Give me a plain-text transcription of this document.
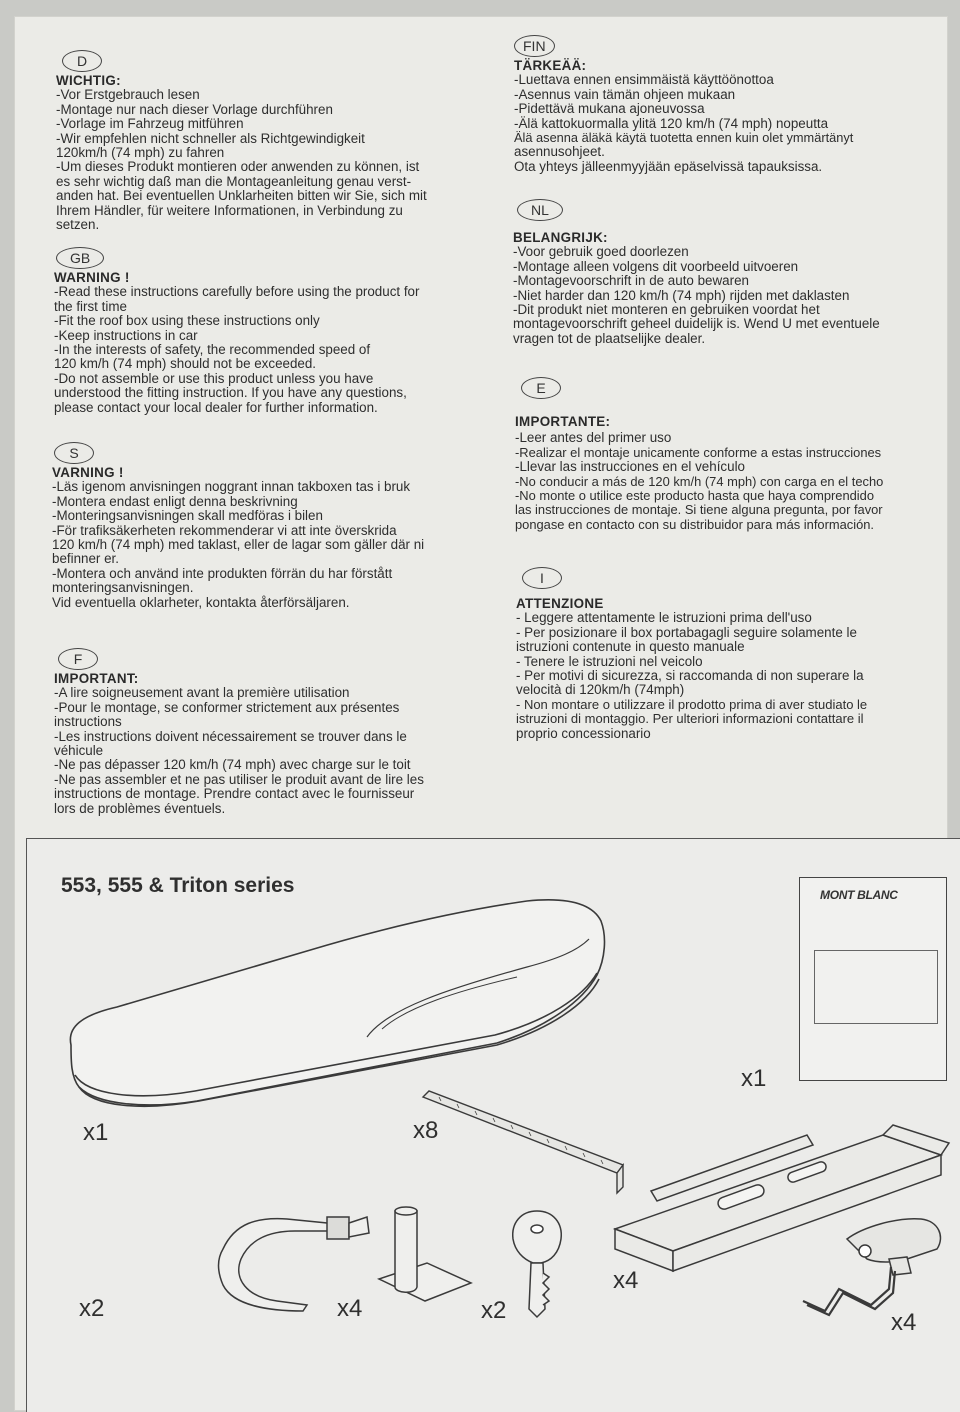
D
WICHTIG:
-Vor Erstgebrauch lesen
-Montage nur nach dieser Vorlage durchführen
-Vorlage im Fahrzeug mitführen
-Wir empfehlen nicht schneller als Richtgewindigkeit
120km/h (74 mph) zu fahren
-Um dieses Produkt montieren oder anwenden zu können, ist
es sehr wichtig daß man die Montageanleitung genau verst-
anden hat. Bei eventuellen Unklarheiten bitten wir Sie, sich mit
Ihrem Händler, für weitere Informationen, in Verbindung zu
setzen.
GB
WARNING !
-Read these instructions carefully before using the product for
the first time
-Fit the roof box using these instructions only
-Keep instructions in car
-In the interests of safety, the recommended speed of
120 km/h (74 mph) should not be exceeded.
-Do not assemble or use this product unless you have
understood the fitting instruction. If you have any questions,
please contact your local dealer for further information.
S
VARNING !
-Läs igenom anvisningen noggrant innan takboxen tas i bruk
-Montera endast enligt denna beskrivning
-Monteringsanvisningen skall medföras i bilen
-För trafiksäkerheten rekommenderar vi att inte överskrida
120 km/h (74 mph) med taklast, eller de lagar som gäller där ni
befinner er.
-Montera och använd inte produkten förrän du har förstått
monteringsanvisningen.
Vid eventuella oklarheter, kontakta återförsäljaren.
F
IMPORTANT:
-A lire soigneusement avant la première utilisation
-Pour le montage, se conformer strictement aux présentes
instructions
-Les instructions doivent nécessairement se trouver dans le
véhicule
-Ne pas dépasser 120 km/h (74 mph) avec charge sur le toit
-Ne pas assembler et ne pas utiliser le produit avant de lire les
instructions de montage. Prendre contact avec le fournisseur
lors de problèmes éventuels.
FIN
TÄRKEÄÄ:
-Luettava ennen ensimmäistä käyttöönottoa
-Asennus vain tämän ohjeen mukaan
-Pidettävä mukana ajoneuvossa
-Älä kattokuormalla ylitä 120 km/h (74 mph) nopeutta
Älä asenna äläkä käytä tuotetta ennen kuin olet ymmärtänyt
asennusohjeet.
Ota yhteys jälleenmyyjään epäselvissä tapauksissa.
NL
BELANGRIJK:
-Voor gebruik goed doorlezen
-Montage alleen volgens dit voorbeeld uitvoeren
-Montagevoorschrift in de auto bewaren
-Niet harder dan 120 km/h (74 mph) rijden met daklasten
-Dit produkt niet monteren en gebruiken voordat het
montagevoorschrift geheel duidelijk is. Wend U met eventuele
vragen tot de plaatselijke dealer.
E
IMPORTANTE:
-Leer antes del primer uso
-Realizar el montaje unicamente conforme a estas instrucciones
-Llevar las instrucciones en el vehículo
-No conducir a más de 120 km/h (74 mph) con carga en el techo
-No monte o utilice este producto hasta que haya comprendido
las instrucciones de montaje. Si tiene alguna pregunta, por favor
pongase en contacto con su distribuidor para más información.
I
ATTENZIONE
- Leggere attentamente le istruzioni prima dell'uso
- Per posizionare il box portabagagli seguire solamente le
istruzioni contenute in questo manuale
- Tenere le istruzioni nel veicolo
- Per motivi di sicurezza, si raccomanda di non superare la
velocità di 120km/h (74mph)
- Non montare o utilizzare il prodotto prima di aver studiato le
istruzioni di montaggio. Per ulteriori informazioni contattare il
proprio concessionario
553, 555 & Triton series	MONT BLANC
x1	x8
x1
x2	x4	x2
x4
x4
